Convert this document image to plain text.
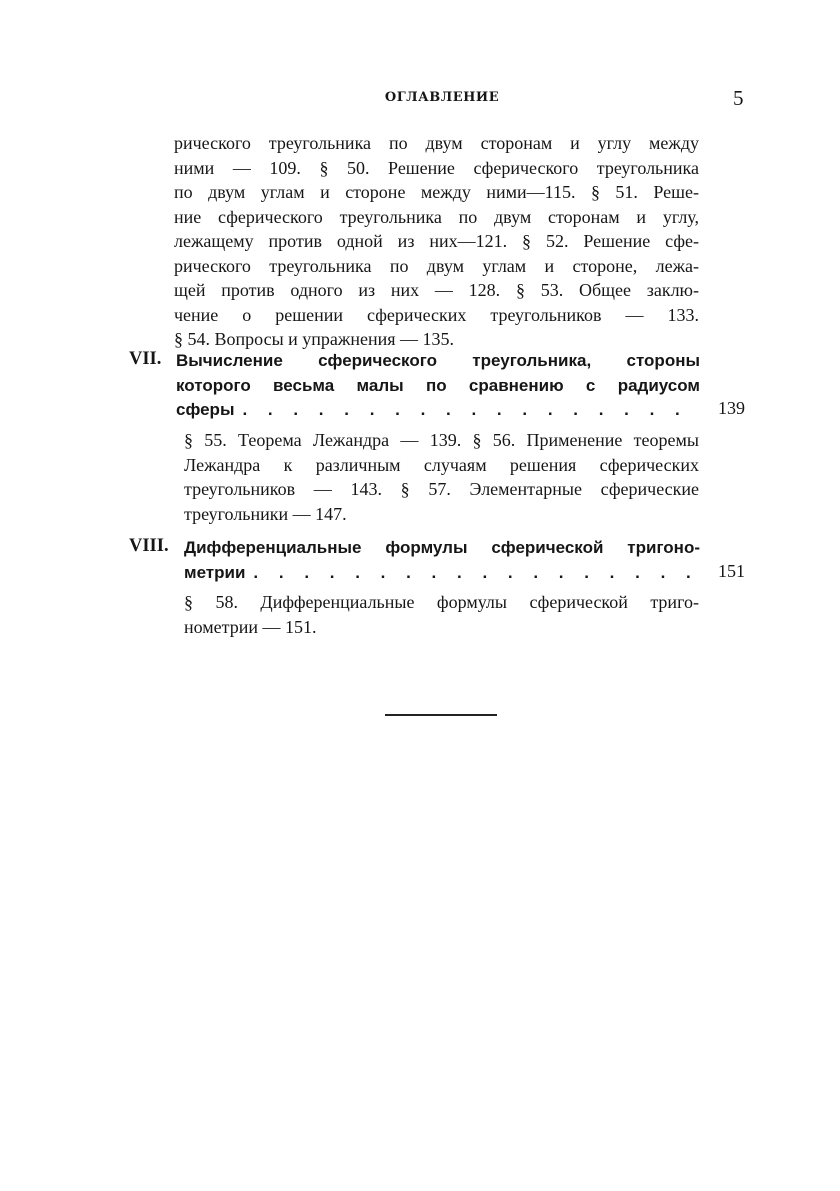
ОГЛАВЛЕНИЕ	5
рического треугольника по двум сторонам и углу между
ними — 109. § 50. Решение сферического треугольника
по двум углам и стороне между ними—115. § 51. Реше-
ние сферического треугольника по двум сторонам и углу,
лежащему против одной из них—121. § 52. Решение сфе-
рического треугольника по двум углам и стороне, лежа-
щей против одного из них — 128. § 53. Общее заклю-
чение о решении сферических треугольников — 133.
§ 54. Вопросы и упражнения — 135.
VII. Вычисление сферического треугольника, стороны
которого весьма малы по сравнению с радиусом
сферы . . .	139
§ 55. Теорема Лежандра — 139. § 56. Применение теоремы
Лежандра к различным случаям решения сферических
треугольников — 143. § 57. Элементарные сферические
треугольники — 147.
VIII. Дифференциальные формулы сферической тригоно-
метрии . . .	151
§ 58. Дифференциальные формулы сферической триго-
нометрии — 151.
